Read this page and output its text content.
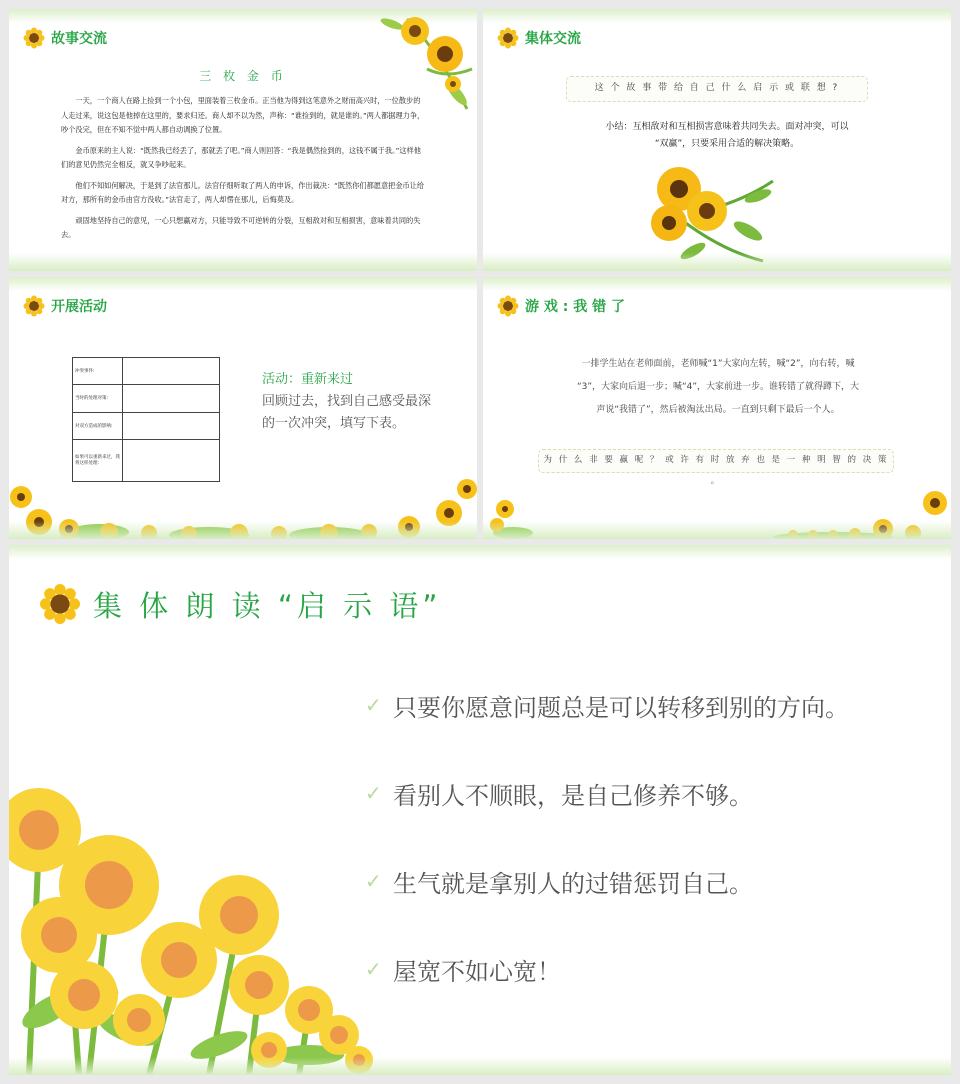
故事交流
三 枚 金 币

一天，一个商人在路上捡到一个小包，里面装着三枚金币。正当他为得到这笔意外之财而高兴时，一位散步的人走过来，说这包是他掉在这里的，要求归还。商人却不以为然，声称：“谁捡到的，就是谁的。”两人都据理力争，吵个没完，但在不知不觉中两人都自动调换了位置。

金币原来的主人说：“既然我已经丢了，那就丢了吧。”商人则回答：“我是偶然捡到的，这钱不属于我。”这样他们的意见仍然完全相反，就又争吵起来。

他们不知如何解决，于是到了法官那儿。法官仔细听取了两人的申诉，作出裁决：“既然你们都愿意把金币让给对方，那所有的金币由官方没收。”法官走了，两人却愣在那儿，后悔莫及。

顽固地坚持自己的意见，一心只想赢对方，只能导致不可逆转的分裂，互相敌对和互相损害，意味着共同的失去。

集体交流
这 个 故 事 带 给 自 己 什 么 启 示 或 联 想 ?
小结：互相敌对和互相损害意味着共同失去。面对冲突，可以
“双赢”，只要采用合适的解决策略。
开展活动
冲突事件:	
当时的处理对策:	
对双方造成的影响:	
如果可以重新来过，我将这样处理:	
活动：重新来过
回顾过去，找到自己感受最深的一次冲突，填写下表。
游 戏 : 我 错 了
一排学生站在老师面前，老师喊“1”大家向左转，喊“2”，向右转，喊
“3”，大家向后退一步；喊“4”，大家前进一步。谁转错了就得蹲下，大
声说“我错了”，然后被淘汰出局。一直到只剩下最后一个人。
为 什 么 非 要 赢 呢 ？ 或 许 有 时 放 弃 也 是 一 种 明 智 的 决 策 。
集 体 朗 读 “启 示 语”
✓ 只要你愿意问题总是可以转移到别的方向。
✓ 看别人不顺眼，是自己修养不够。
✓ 生气就是拿别人的过错惩罚自己。
✓ 屋宽不如心宽！
